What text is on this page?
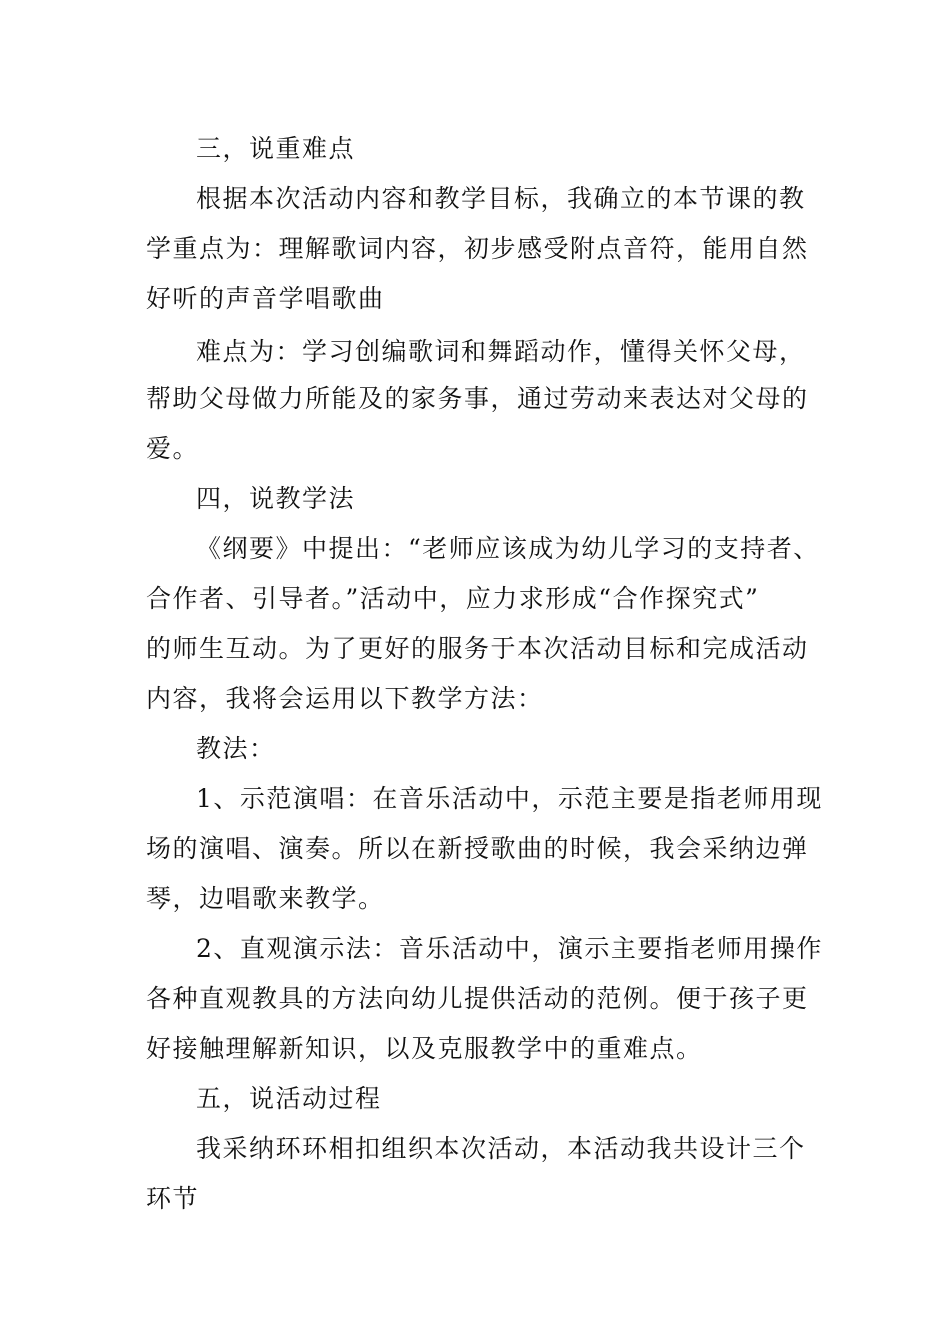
三，说重难点
根据本次活动内容和教学目标，我确立的本节课的教
学重点为：理解歌词内容，初步感受附点音符，能用自然
好听的声音学唱歌曲
难点为：学习创编歌词和舞蹈动作，懂得关怀父母，
帮助父母做力所能及的家务事，通过劳动来表达对父母的
爱。
四，说教学法
《纲要》中提出：“老师应该成为幼儿学习的支持者、
合作者、引导者。”活动中，应力求形成“合作探究式”
的师生互动。为了更好的服务于本次活动目标和完成活动
内容，我将会运用以下教学方法：
教法：
1、示范演唱：在音乐活动中，示范主要是指老师用现
场的演唱、演奏。所以在新授歌曲的时候，我会采纳边弹
琴，边唱歌来教学。
2、直观演示法：音乐活动中，演示主要指老师用操作
各种直观教具的方法向幼儿提供活动的范例。便于孩子更
好接触理解新知识，以及克服教学中的重难点。
五，说活动过程
我采纳环环相扣组织本次活动，本活动我共设计三个
环节
